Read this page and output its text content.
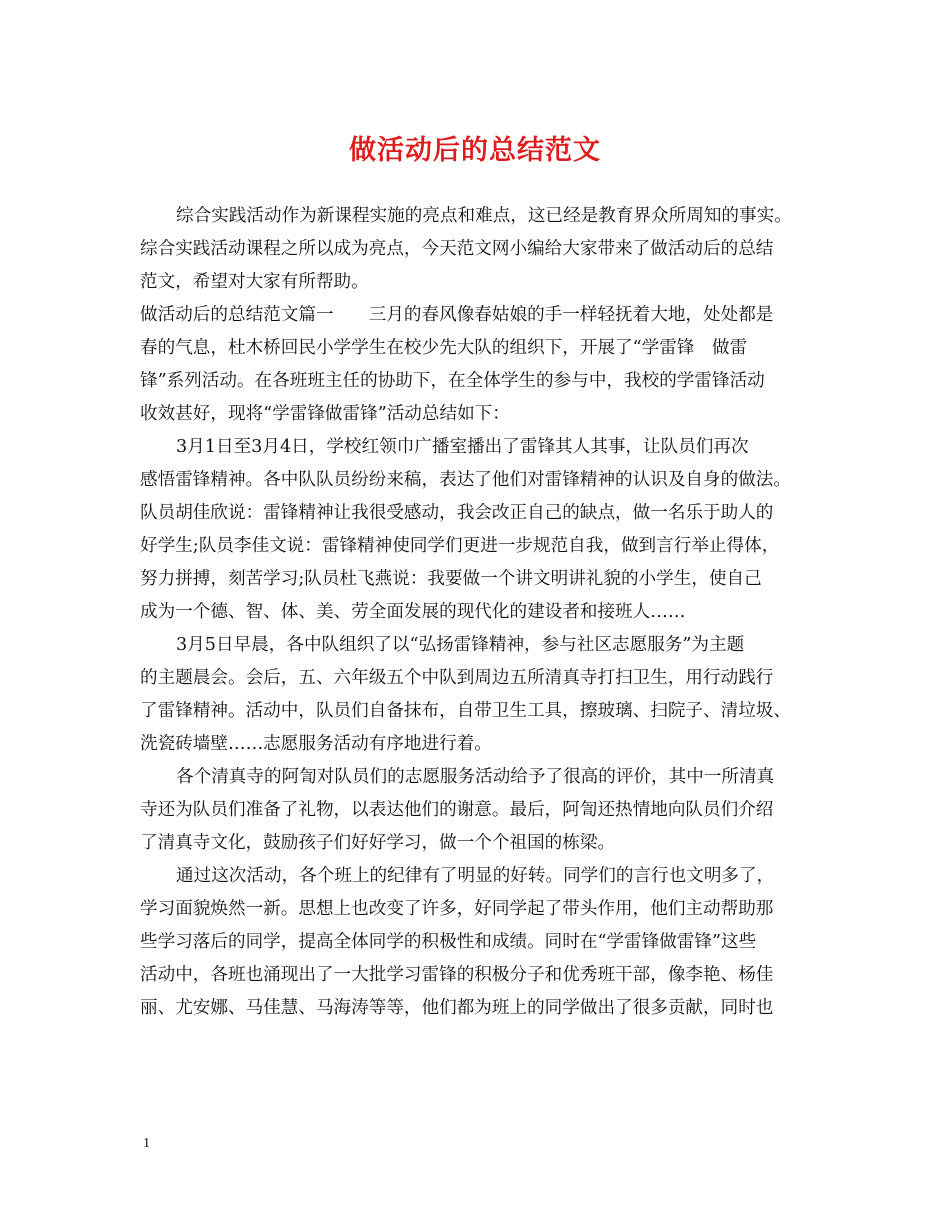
做活动后的总结范文
综合实践活动作为新课程实施的亮点和难点，这已经是教育界众所周知的事实。
综合实践活动课程之所以成为亮点，今天范文网小编给大家带来了做活动后的总结
范文，希望对大家有所帮助。
做活动后的总结范文篇一　　三月的春风像春姑娘的手一样轻抚着大地，处处都是
春的气息，杜木桥回民小学学生在校少先大队的组织下，开展了“学雷锋　做雷
锋”系列活动。在各班班主任的协助下，在全体学生的参与中，我校的学雷锋活动
收效甚好，现将“学雷锋做雷锋”活动总结如下：
3月1日至3月4日，学校红领巾广播室播出了雷锋其人其事，让队员们再次
感悟雷锋精神。各中队队员纷纷来稿，表达了他们对雷锋精神的认识及自身的做法。
队员胡佳欣说：雷锋精神让我很受感动，我会改正自己的缺点，做一名乐于助人的
好学生;队员李佳文说：雷锋精神使同学们更进一步规范自我，做到言行举止得体，
努力拼搏，刻苦学习;队员杜飞燕说：我要做一个讲文明讲礼貌的小学生，使自己
成为一个德、智、体、美、劳全面发展的现代化的建设者和接班人……
3月5日早晨，各中队组织了以“弘扬雷锋精神，参与社区志愿服务”为主题
的主题晨会。会后，五、六年级五个中队到周边五所清真寺打扫卫生，用行动践行
了雷锋精神。活动中，队员们自备抹布，自带卫生工具，擦玻璃、扫院子、清垃圾、
洗瓷砖墙壁……志愿服务活动有序地进行着。
各个清真寺的阿訇对队员们的志愿服务活动给予了很高的评价，其中一所清真
寺还为队员们准备了礼物，以表达他们的谢意。最后，阿訇还热情地向队员们介绍
了清真寺文化，鼓励孩子们好好学习，做一个个祖国的栋梁。
通过这次活动，各个班上的纪律有了明显的好转。同学们的言行也文明多了，
学习面貌焕然一新。思想上也改变了许多，好同学起了带头作用，他们主动帮助那
些学习落后的同学，提高全体同学的积极性和成绩。同时在“学雷锋做雷锋”这些
活动中，各班也涌现出了一大批学习雷锋的积极分子和优秀班干部，像李艳、杨佳
丽、尤安娜、马佳慧、马海涛等等，他们都为班上的同学做出了很多贡献，同时也
1
